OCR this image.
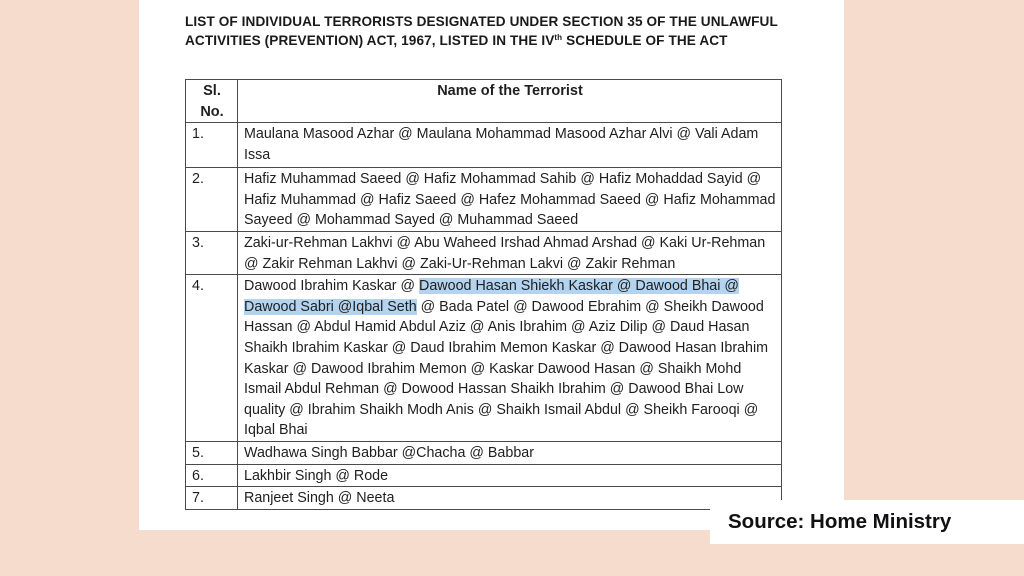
LIST OF INDIVIDUAL TERRORISTS DESIGNATED UNDER SECTION 35 OF THE UNLAWFUL ACTIVITIES (PREVENTION) ACT, 1967, LISTED IN THE IVth SCHEDULE OF THE ACT
Sl.
No.	Name of the Terrorist
1.	Maulana Masood Azhar @ Maulana Mohammad Masood Azhar Alvi @ Vali Adam Issa
2.	Hafiz Muhammad Saeed @ Hafiz Mohammad Sahib @ Hafiz Mohaddad Sayid @ Hafiz Muhammad @ Hafiz Saeed @ Hafez Mohammad Saeed @ Hafiz Mohammad Sayeed @ Mohammad Sayed @ Muhammad Saeed
3.	Zaki-ur-Rehman Lakhvi @ Abu Waheed Irshad Ahmad Arshad @ Kaki Ur-Rehman @ Zakir Rehman Lakhvi @ Zaki-Ur-Rehman Lakvi @ Zakir Rehman
4.	Dawood Ibrahim Kaskar @ Dawood Hasan Shiekh Kaskar @ Dawood Bhai @ Dawood Sabri @Iqbal Seth @ Bada Patel @ Dawood Ebrahim @ Sheikh Dawood Hassan @ Abdul Hamid Abdul Aziz @ Anis Ibrahim @ Aziz Dilip @ Daud Hasan Shaikh Ibrahim Kaskar @ Daud Ibrahim Memon Kaskar @ Dawood Hasan Ibrahim Kaskar @ Dawood Ibrahim Memon @ Kaskar Dawood Hasan @ Shaikh Mohd Ismail Abdul Rehman @ Dowood Hassan Shaikh Ibrahim @ Dawood Bhai Low quality @ Ibrahim Shaikh Modh Anis @ Shaikh Ismail Abdul @ Sheikh Farooqi @ Iqbal Bhai
5.	Wadhawa Singh Babbar @Chacha @ Babbar
6.	Lakhbir Singh @ Rode
7.	Ranjeet Singh @ Neeta
Source: Home Ministry
